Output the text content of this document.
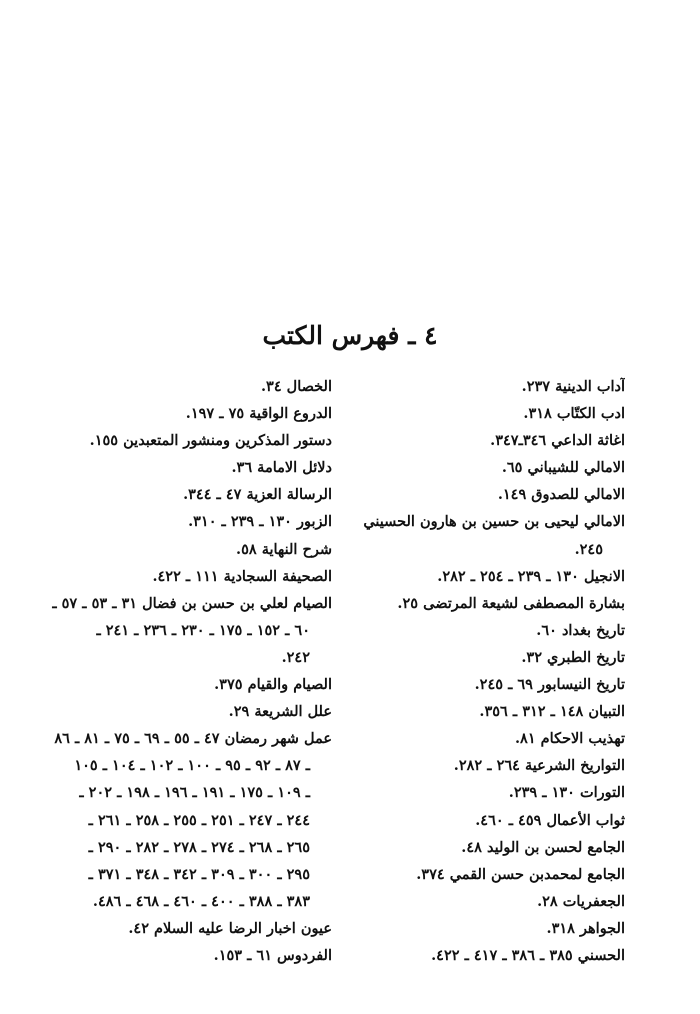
٤ ـ فهرس الكتب
آداب الدينية ٢٣٧.
ادب الكتّاب ٣١٨.
اغاثة الداعي ٣٤٦ـ٣٤٧.
الامالي للشيباني ٦٥.
الامالي للصدوق ١٤٩.
الامالي ليحيى بن حسين بن هارون الحسيني
٢٤٥.
الانجيل ١٣٠ ـ ٢٣٩ ـ ٢٥٤ ـ ٢٨٢.
بشارة المصطفى لشيعة المرتضى ٢٥.
تاريخ بغداد ٦٠.
تاريخ الطبري ٣٢.
تاريخ النيسابور ٦٩ ـ ٢٤٥.
التبيان ١٤٨ ـ ٣١٢ ـ ٣٥٦.
تهذيب الاحكام ٨١.
التواريخ الشرعية ٢٦٤ ـ ٢٨٢.
التورات ١٣٠ ـ ٢٣٩.
ثواب الأعمال ٤٥٩ ـ ٤٦٠.
الجامع لحسن بن الوليد ٤٨.
الجامع لمحمدبن حسن القمي ٣٧٤.
الجعفريات ٢٨.
الجواهر ٣١٨.
الحسني ٣٨٥ ـ ٣٨٦ ـ ٤١٧ ـ ٤٢٢.
الخصال ٣٤.
الدروع الواقية ٧٥ ـ ١٩٧.
دستور المذكرين ومنشور المتعبدين ١٥٥.
دلائل الامامة ٣٦.
الرسالة العزية ٤٧ ـ ٣٤٤.
الزبور ١٣٠ ـ ٢٣٩ ـ ٣١٠.
شرح النهاية ٥٨.
الصحيفة السجادية ١١١ ـ ٤٢٢.
الصيام لعلي بن حسن بن فضال ٣١ ـ ٥٣ ـ ٥٧ ـ
٦٠ ـ ١٥٢ ـ ١٧٥ ـ ٢٣٠ ـ ٢٣٦ ـ ٢٤١ ـ
٢٤٢.
الصيام والقيام ٣٧٥.
علل الشريعة ٢٩.
عمل شهر رمضان ٤٧ ـ ٥٥ ـ ٦٩ ـ ٧٥ ـ ٨١ ـ ٨٦
ـ ٨٧ ـ ٩٢ ـ ٩٥ ـ ١٠٠ ـ ١٠٢ ـ ١٠٤ ـ ١٠٥
ـ ١٠٩ ـ ١٧٥ ـ ١٩١ ـ ١٩٦ ـ ١٩٨ ـ ٢٠٢ ـ
٢٤٤ ـ ٢٤٧ ـ ٢٥١ ـ ٢٥٥ ـ ٢٥٨ ـ ٢٦١ ـ
٢٦٥ ـ ٢٦٨ ـ ٢٧٤ ـ ٢٧٨ ـ ٢٨٢ ـ ٢٩٠ ـ
٢٩٥ ـ ٣٠٠ ـ ٣٠٩ ـ ٣٤٢ ـ ٣٤٨ ـ ٣٧١ ـ
٣٨٣ ـ ٣٨٨ ـ ٤٠٠ ـ ٤٦٠ ـ ٤٦٨ ـ ٤٨٦.
عيون اخبار الرضا عليه السلام ٤٢.
الفردوس ٦١ ـ ١٥٣.
